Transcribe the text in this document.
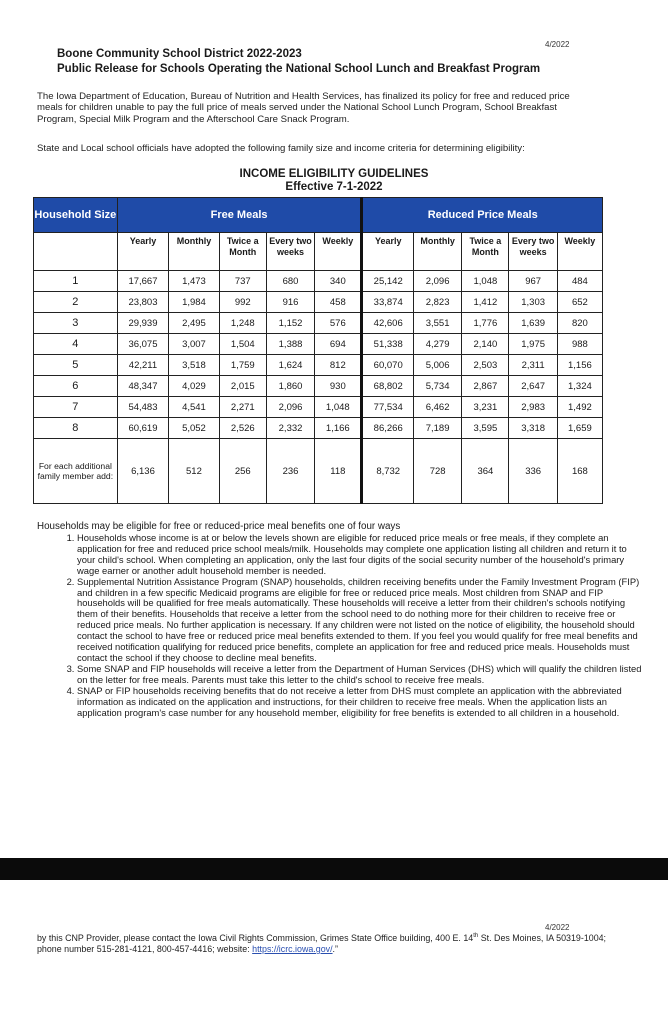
4/2022
Boone Community School District 2022-2023
Public Release for Schools Operating the National School Lunch and Breakfast Program
The Iowa Department of Education, Bureau of Nutrition and Health Services, has finalized its policy for free and reduced price meals for children unable to pay the full price of meals served under the National School Lunch Program, School Breakfast Program, Special Milk Program and the Afterschool Care Snack Program.
State and Local school officials have adopted the following family size and income criteria for determining eligibility:
INCOME ELIGIBILITY GUIDELINES
Effective 7-1-2022
Household Size	Free Meals					Reduced Price Meals				
	Yearly	Monthly	Twice a Month	Every two weeks	Weekly	Yearly	Monthly	Twice a Month	Every two weeks	Weekly
1	17,667	1,473	737	680	340	25,142	2,096	1,048	967	484
2	23,803	1,984	992	916	458	33,874	2,823	1,412	1,303	652
3	29,939	2,495	1,248	1,152	576	42,606	3,551	1,776	1,639	820
4	36,075	3,007	1,504	1,388	694	51,338	4,279	2,140	1,975	988
5	42,211	3,518	1,759	1,624	812	60,070	5,006	2,503	2,311	1,156
6	48,347	4,029	2,015	1,860	930	68,802	5,734	2,867	2,647	1,324
7	54,483	4,541	2,271	2,096	1,048	77,534	6,462	3,231	2,983	1,492
8	60,619	5,052	2,526	2,332	1,166	86,266	7,189	3,595	3,318	1,659
For each additional family member add:	6,136	512	256	236	118	8,732	728	364	336	168
Households may be eligible for free or reduced-price meal benefits one of four ways
1. Households whose income is at or below the levels shown are eligible for reduced price meals or free meals, if they complete an application for free and reduced price school meals/milk. Households may complete one application listing all children and return it to your child's school. When completing an application, only the last four digits of the social security number of the household's primary wage earner or another adult household member is needed.
2. Supplemental Nutrition Assistance Program (SNAP) households, children receiving benefits under the Family Investment Program (FIP) and children in a few specific Medicaid programs are eligible for free or reduced price meals. Most children from SNAP and FIP households will be qualified for free meals automatically. These households will receive a letter from their children's schools notifying them of their benefits. Households that receive a letter from the school need to do nothing more for their children to receive free or reduced price meals. No further application is necessary. If any children were not listed on the notice of eligibility, the household should contact the school to have free or reduced price meal benefits extended to them. If you feel you would qualify for free meal benefits and received notification qualifying for reduced price benefits, complete an application for free and reduced price meals. Households must contact the school if they choose to decline meal benefits.
3. Some SNAP and FIP households will receive a letter from the Department of Human Services (DHS) which will qualify the children listed on the letter for free meals. Parents must take this letter to the child's school to receive free meals.
4. SNAP or FIP households receiving benefits that do not receive a letter from DHS must complete an application with the abbreviated information as indicated on the application and instructions, for their children to receive free meals. When the application lists an application program's case number for any household member, eligibility for free benefits is extended to all children in a household.
4/2022
by this CNP Provider, please contact the Iowa Civil Rights Commission, Grimes State Office building, 400 E. 14th St. Des Moines, IA 50319-1004; phone number 515-281-4121, 800-457-4416; website: https://icrc.iowa.gov/.”
